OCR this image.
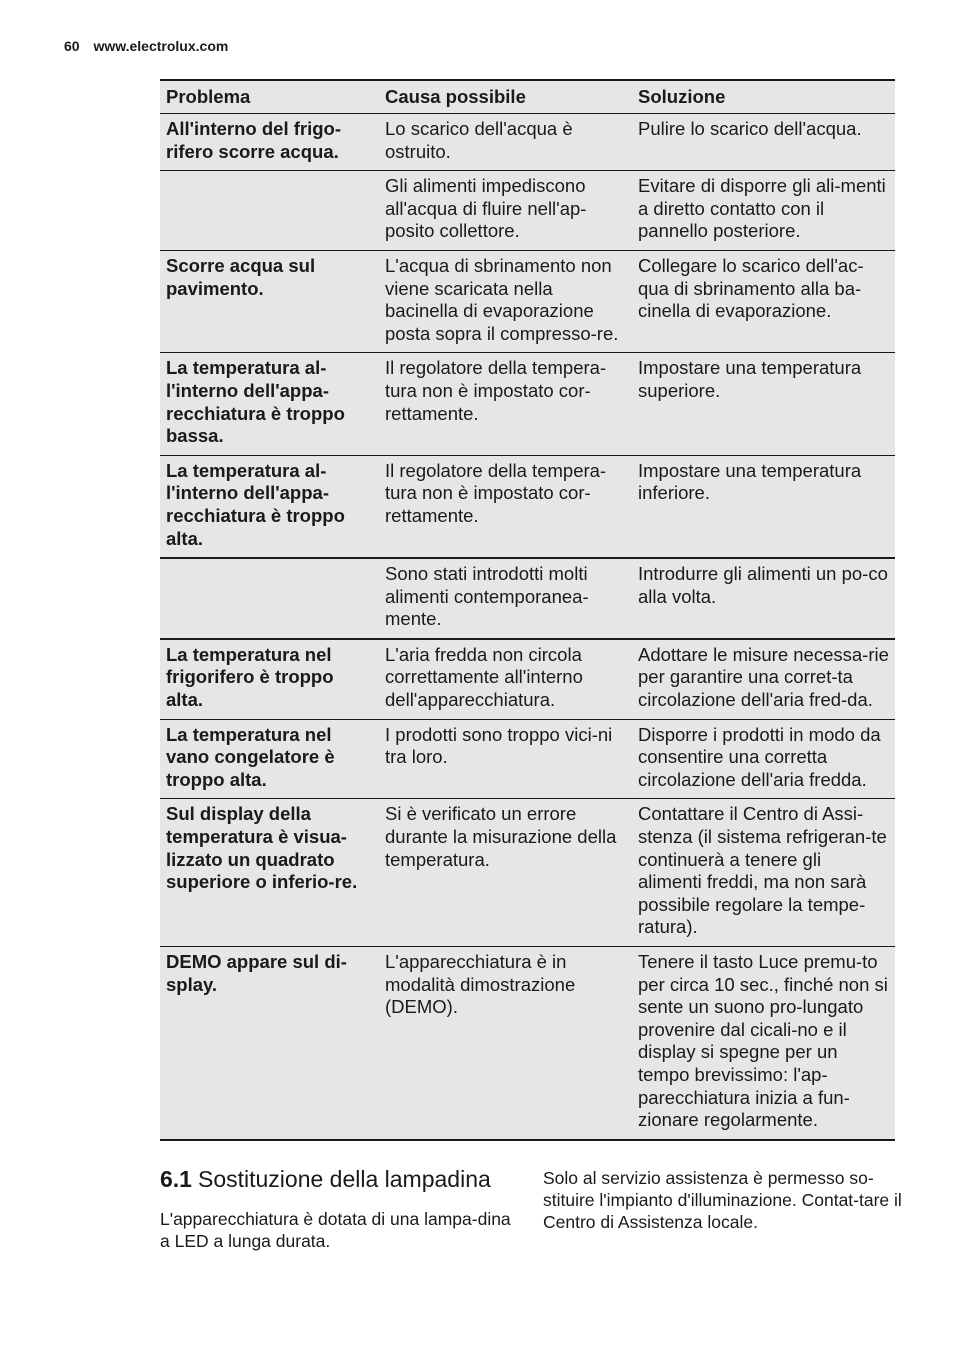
60 www.electrolux.com
Problema	Causa possibile	Soluzione
All'interno del frigo-rifero scorre acqua.	Lo scarico dell'acqua è ostruito.	Pulire lo scarico dell'acqua.
	Gli alimenti impediscono all'acqua di fluire nell'ap-posito collettore.	Evitare di disporre gli ali-menti a diretto contatto con il pannello posteriore.
Scorre acqua sul pavimento.	L'acqua di sbrinamento non viene scaricata nella bacinella di evaporazione posta sopra il compresso-re.	Collegare lo scarico dell'ac-qua di sbrinamento alla ba-cinella di evaporazione.
La temperatura al-l'interno dell'appa-recchiatura è troppo bassa.	Il regolatore della tempera-tura non è impostato cor-rettamente.	Impostare una temperatura superiore.
La temperatura al-l'interno dell'appa-recchiatura è troppo alta.	Il regolatore della tempera-tura non è impostato cor-rettamente.	Impostare una temperatura inferiore.
	Sono stati introdotti molti alimenti contemporanea-mente.	Introdurre gli alimenti un po-co alla volta.
La temperatura nel frigorifero è troppo alta.	L'aria fredda non circola correttamente all'interno dell'apparecchiatura.	Adottare le misure necessa-rie per garantire una corret-ta circolazione dell'aria fred-da.
La temperatura nel vano congelatore è troppo alta.	I prodotti sono troppo vici-ni tra loro.	Disporre i prodotti in modo da consentire una corretta circolazione dell'aria fredda.
Sul display della temperatura è visua-lizzato un quadrato superiore o inferio-re.	Si è verificato un errore durante la misurazione della temperatura.	Contattare il Centro di Assi-stenza (il sistema refrigeran-te continuerà a tenere gli alimenti freddi, ma non sarà possibile regolare la tempe-ratura).
DEMO appare sul di-splay.	L'apparecchiatura è in modalità dimostrazione (DEMO).	Tenere il tasto Luce premu-to per circa 10 sec., finché non si sente un suono pro-lungato provenire dal cicali-no e il display si spegne per un tempo brevissimo: l'ap-parecchiatura inizia a fun-zionare regolarmente.
6.1 Sostituzione della lampadina

L'apparecchiatura è dotata di una lampa-dina a LED a lunga durata.

Solo al servizio assistenza è permesso so-stituire l'impianto d'illuminazione. Contat-tare il Centro di Assistenza locale.
